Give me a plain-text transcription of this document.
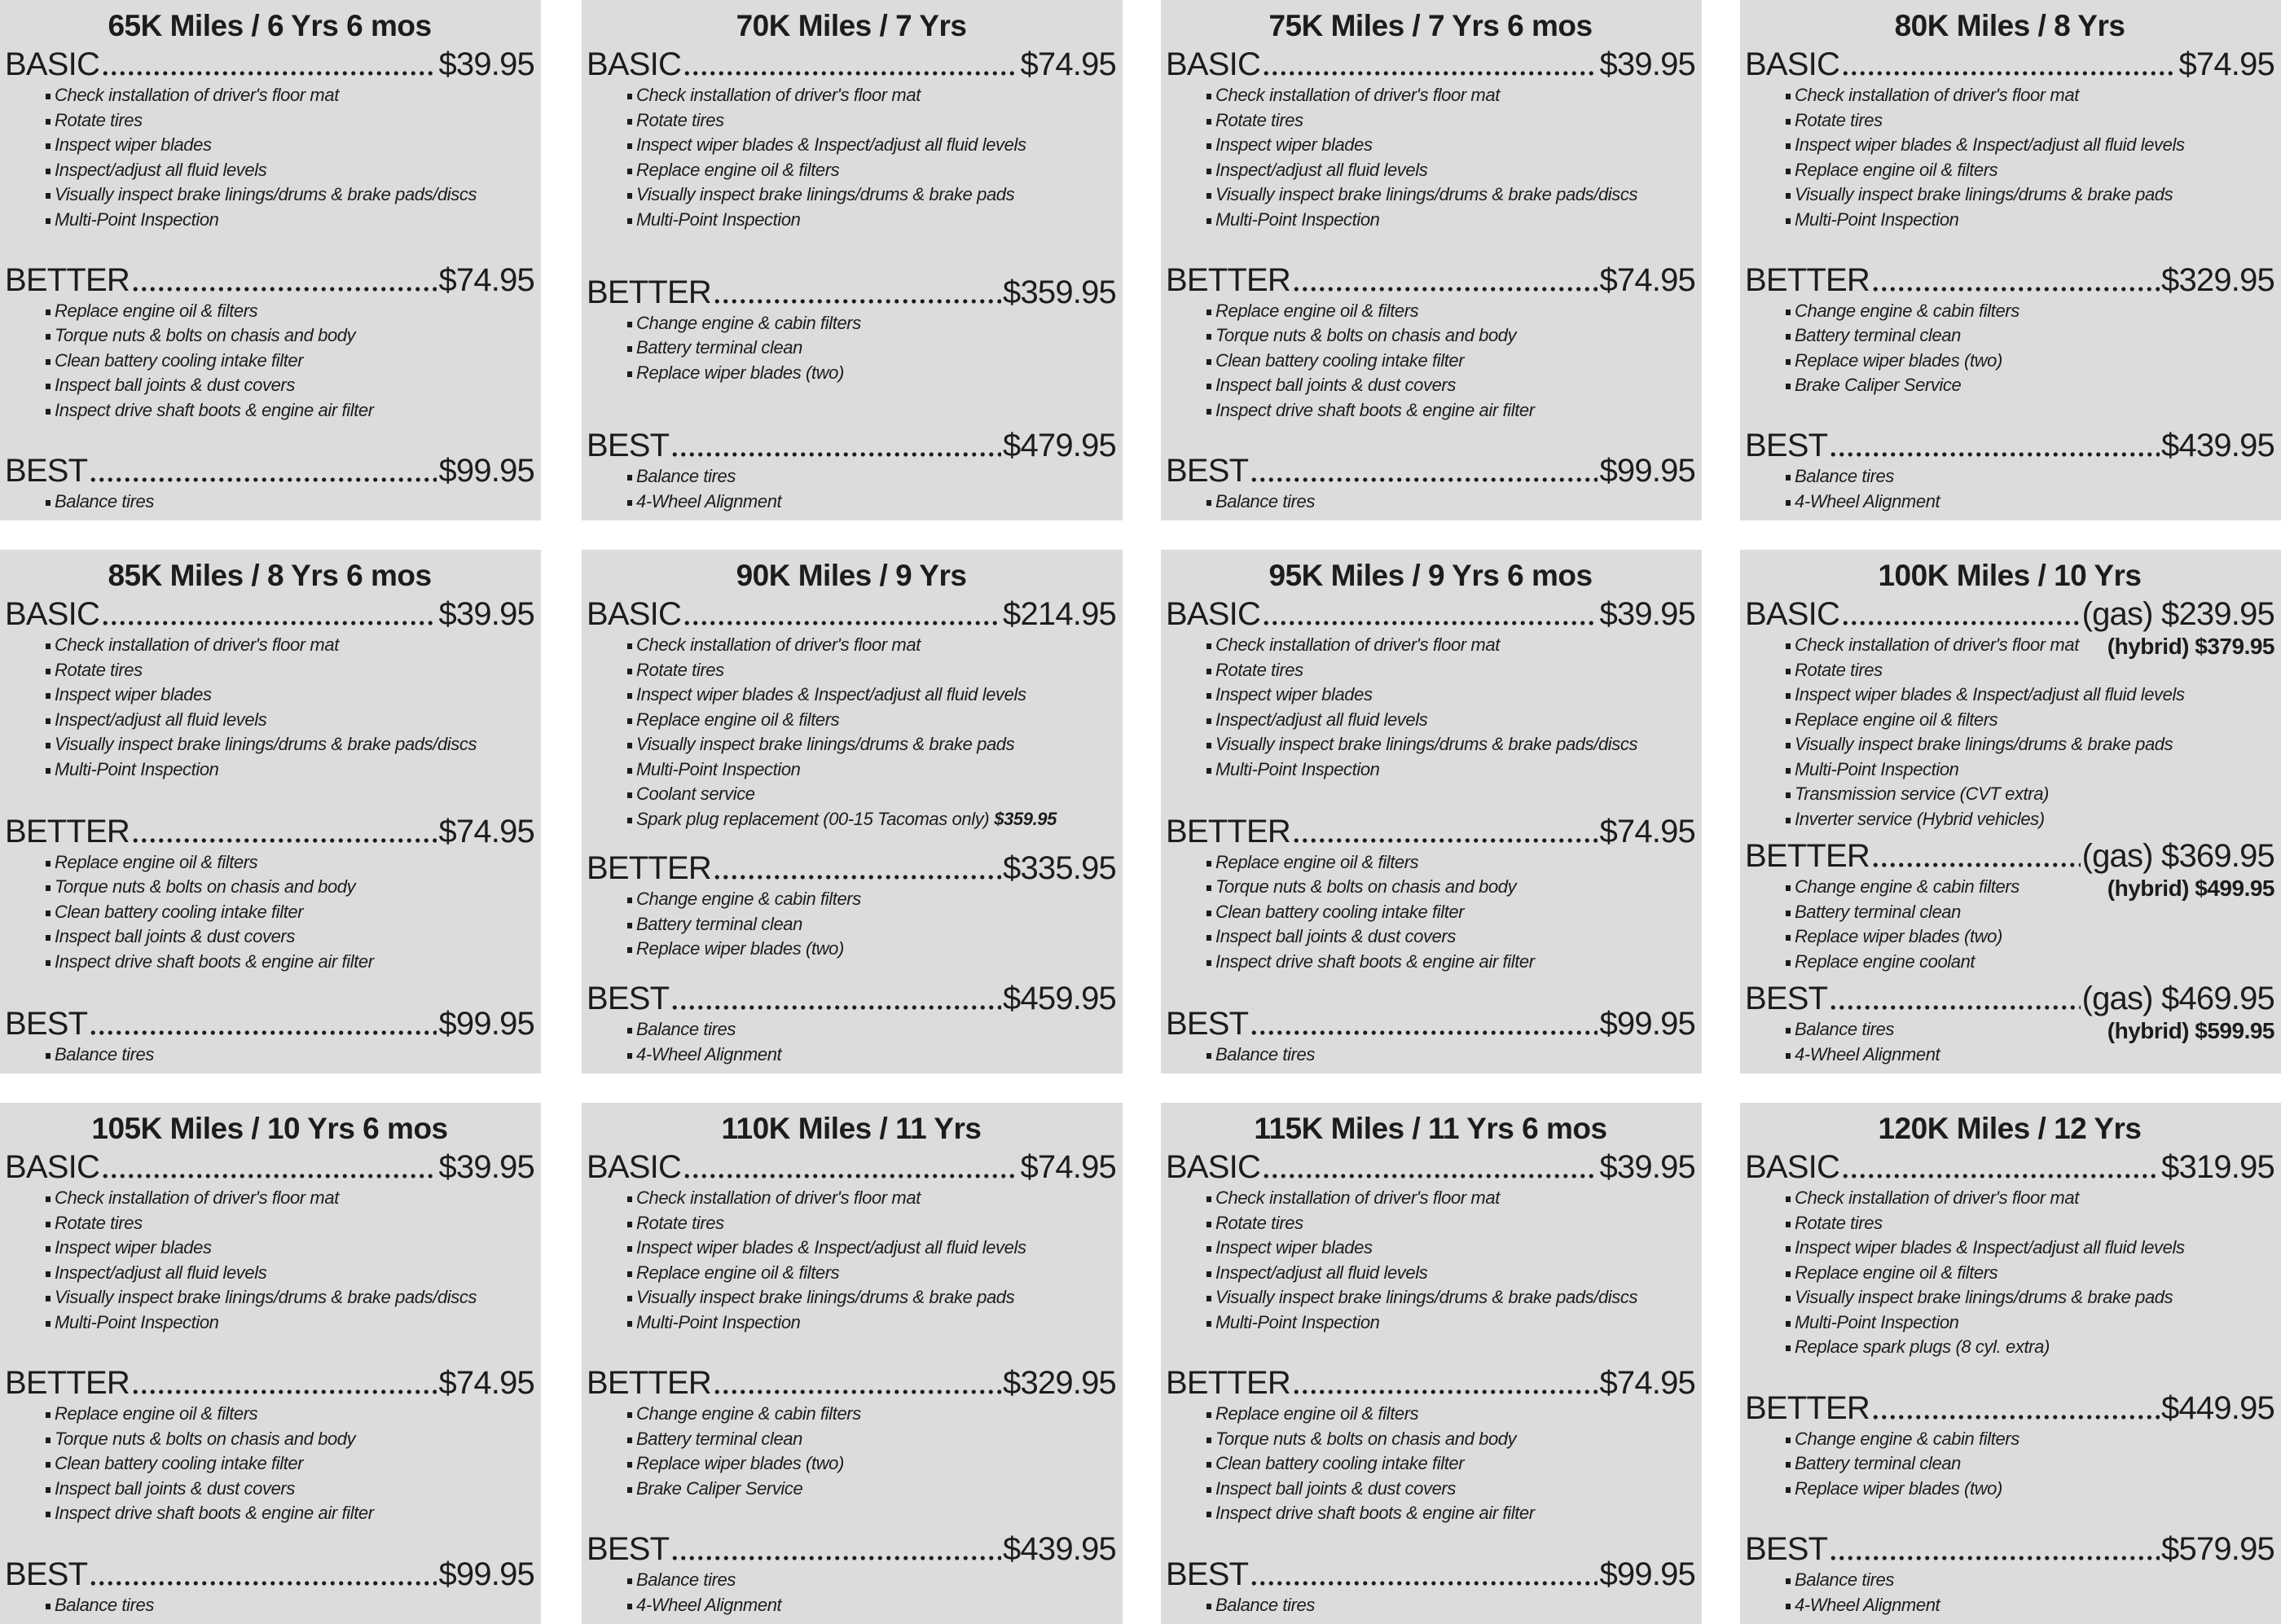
65K Miles / 6 Yrs 6 mos
BASIC	$39.95
Check installation of driver's floor mat
Rotate tires
Inspect wiper blades
Inspect/adjust all fluid levels
Visually inspect brake linings/drums & brake pads/discs
Multi-Point Inspection
BETTER	$74.95
Replace engine oil & filters
Torque nuts & bolts on chasis and body
Clean battery cooling intake filter
Inspect ball joints & dust covers
Inspect drive shaft boots & engine air filter
BEST	$99.95
Balance tires
70K Miles / 7 Yrs
BASIC	$74.95
Check installation of driver's floor mat
Rotate tires
Inspect wiper blades & Inspect/adjust all fluid levels
Replace engine oil & filters
Visually inspect brake linings/drums & brake pads
Multi-Point Inspection
BETTER	$359.95
Change engine & cabin filters
Battery terminal clean
Replace wiper blades (two)
BEST	$479.95
Balance tires
4-Wheel Alignment
75K Miles / 7 Yrs 6 mos
BASIC	$39.95
Check installation of driver's floor mat
Rotate tires
Inspect wiper blades
Inspect/adjust all fluid levels
Visually inspect brake linings/drums & brake pads/discs
Multi-Point Inspection
BETTER	$74.95
Replace engine oil & filters
Torque nuts & bolts on chasis and body
Clean battery cooling intake filter
Inspect ball joints & dust covers
Inspect drive shaft boots & engine air filter
BEST	$99.95
Balance tires
80K Miles / 8 Yrs
BASIC	$74.95
Check installation of driver's floor mat
Rotate tires
Inspect wiper blades & Inspect/adjust all fluid levels
Replace engine oil & filters
Visually inspect brake linings/drums & brake pads
Multi-Point Inspection
BETTER	$329.95
Change engine & cabin filters
Battery terminal clean
Replace wiper blades (two)
Brake Caliper Service
BEST	$439.95
Balance tires
4-Wheel Alignment
85K Miles / 8 Yrs 6 mos
BASIC	$39.95
Check installation of driver's floor mat
Rotate tires
Inspect wiper blades
Inspect/adjust all fluid levels
Visually inspect brake linings/drums & brake pads/discs
Multi-Point Inspection
BETTER	$74.95
Replace engine oil & filters
Torque nuts & bolts on chasis and body
Clean battery cooling intake filter
Inspect ball joints & dust covers
Inspect drive shaft boots & engine air filter
BEST	$99.95
Balance tires
90K Miles / 9 Yrs
BASIC	$214.95
Check installation of driver's floor mat
Rotate tires
Inspect wiper blades & Inspect/adjust all fluid levels
Replace engine oil & filters
Visually inspect brake linings/drums & brake pads
Multi-Point Inspection
Coolant service
Spark plug replacement (00-15 Tacomas only) $359.95
BETTER	$335.95
Change engine & cabin filters
Battery terminal clean
Replace wiper blades (two)
BEST	$459.95
Balance tires
4-Wheel Alignment
95K Miles / 9 Yrs 6 mos
BASIC	$39.95
Check installation of driver's floor mat
Rotate tires
Inspect wiper blades
Inspect/adjust all fluid levels
Visually inspect brake linings/drums & brake pads/discs
Multi-Point Inspection
BETTER	$74.95
Replace engine oil & filters
Torque nuts & bolts on chasis and body
Clean battery cooling intake filter
Inspect ball joints & dust covers
Inspect drive shaft boots & engine air filter
BEST	$99.95
Balance tires
100K Miles / 10 Yrs
BASIC	(gas) $239.95
(hybrid) $379.95
Check installation of driver's floor mat
Rotate tires
Inspect wiper blades & Inspect/adjust all fluid levels
Replace engine oil & filters
Visually inspect brake linings/drums & brake pads
Multi-Point Inspection
Transmission service (CVT extra)
Inverter service (Hybrid vehicles)
BETTER	(gas) $369.95
(hybrid) $499.95
Change engine & cabin filters
Battery terminal clean
Replace wiper blades (two)
Replace engine coolant
BEST	(gas) $469.95
(hybrid) $599.95
Balance tires
4-Wheel Alignment
105K Miles / 10 Yrs 6 mos
BASIC	$39.95
Check installation of driver's floor mat
Rotate tires
Inspect wiper blades
Inspect/adjust all fluid levels
Visually inspect brake linings/drums & brake pads/discs
Multi-Point Inspection
BETTER	$74.95
Replace engine oil & filters
Torque nuts & bolts on chasis and body
Clean battery cooling intake filter
Inspect ball joints & dust covers
Inspect drive shaft boots & engine air filter
BEST	$99.95
Balance tires
110K Miles / 11 Yrs
BASIC	$74.95
Check installation of driver's floor mat
Rotate tires
Inspect wiper blades & Inspect/adjust all fluid levels
Replace engine oil & filters
Visually inspect brake linings/drums & brake pads
Multi-Point Inspection
BETTER	$329.95
Change engine & cabin filters
Battery terminal clean
Replace wiper blades (two)
Brake Caliper Service
BEST	$439.95
Balance tires
4-Wheel Alignment
115K Miles / 11 Yrs 6 mos
BASIC	$39.95
Check installation of driver's floor mat
Rotate tires
Inspect wiper blades
Inspect/adjust all fluid levels
Visually inspect brake linings/drums & brake pads/discs
Multi-Point Inspection
BETTER	$74.95
Replace engine oil & filters
Torque nuts & bolts on chasis and body
Clean battery cooling intake filter
Inspect ball joints & dust covers
Inspect drive shaft boots & engine air filter
BEST	$99.95
Balance tires
120K Miles / 12 Yrs
BASIC	$319.95
Check installation of driver's floor mat
Rotate tires
Inspect wiper blades & Inspect/adjust all fluid levels
Replace engine oil & filters
Visually inspect brake linings/drums & brake pads
Multi-Point Inspection
Replace spark plugs (8 cyl. extra)
BETTER	$449.95
Change engine & cabin filters
Battery terminal clean
Replace wiper blades (two)
BEST	$579.95
Balance tires
4-Wheel Alignment
